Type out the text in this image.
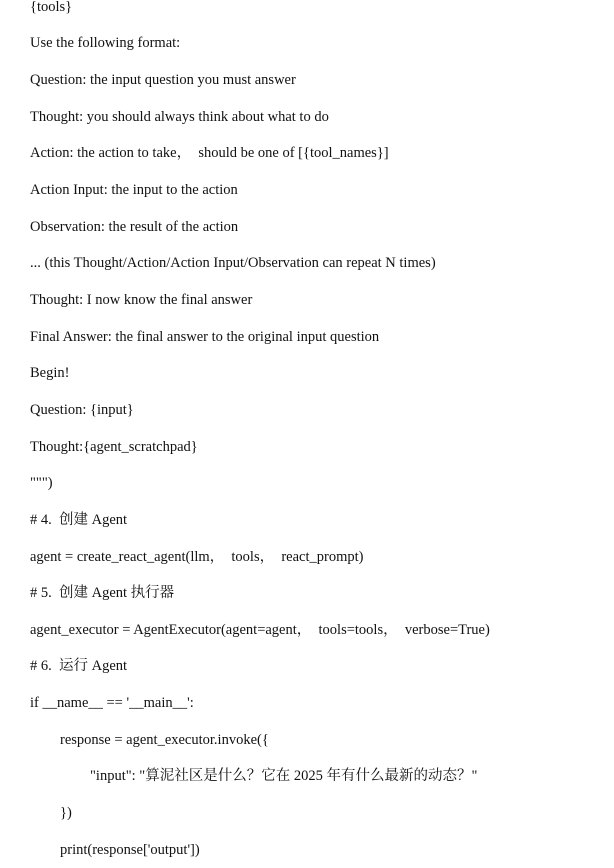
{tools}
Use the following format:
Question: the input question you must answer
Thought: you should always think about what to do
Action: the action to take，  should be one of [{tool_names}]
Action Input: the input to the action
Observation: the result of the action
... (this Thought/Action/Action Input/Observation can repeat N times)
Thought: I now know the final answer
Final Answer: the final answer to the original input question
Begin!
Question: {input}
Thought:{agent_scratchpad}
""")
# 4.  创建 Agent
agent = create_react_agent(llm，  tools，  react_prompt)
# 5.  创建 Agent 执行器
agent_executor = AgentExecutor(agent=agent，  tools=tools，  verbose=True)
# 6.  运行 Agent
if __name__ == '__main__':
response = agent_executor.invoke({
"input": "算泥社区是什么？它在 2025 年有什么最新的动态？"
})
print(response['output'])
